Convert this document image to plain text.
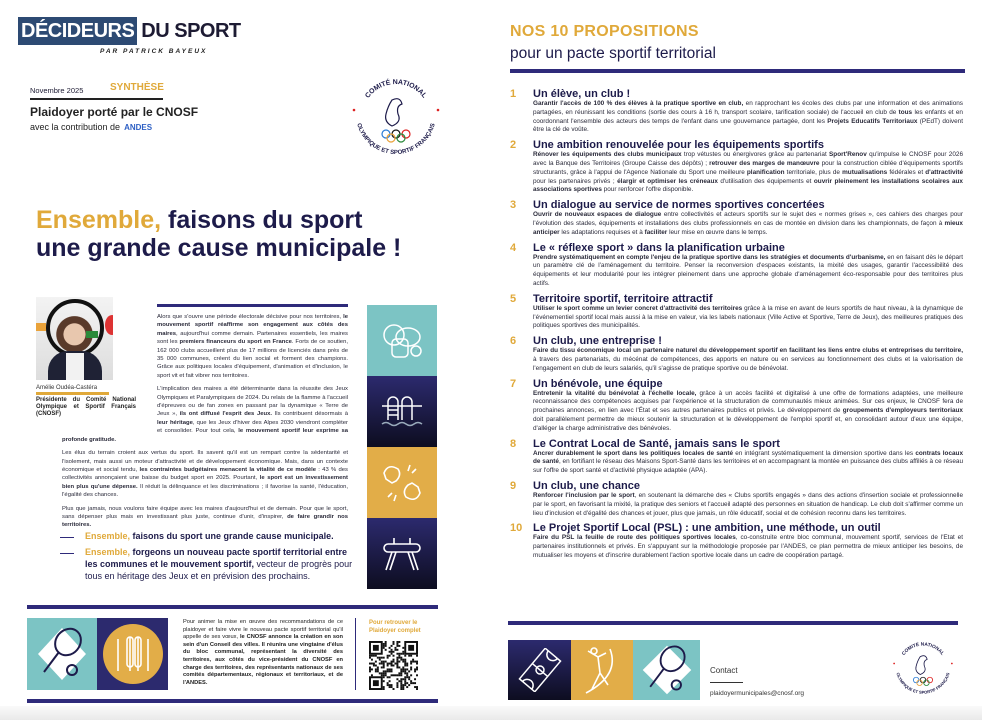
DÉCIDEURS DU SPORT
PAR PATRICK BAYEUX
Novembre 2025	SYNTHÈSE
Plaidoyer porté par le CNOSF
avec la contribution de ANDES
COMITÉ NATIONAL
OLYMPIQUE ET SPORTIF FRANÇAIS
Ensemble, faisons du sport
une grande cause municipale !
Amélie Oudéa-Castéra
Présidente du Comité National Olympique et Sportif Français (CNOSF)

Alors que s'ouvre une période électorale décisive pour nos territoires, le mouvement sportif réaffirme son engagement aux côtés des maires, aujourd'hui comme demain. Partenaires essentiels, les maires sont les premiers financeurs du sport en France. Forts de ce soutien, 162 000 clubs accueillent plus de 17 millions de licenciés dans près de 35 000 communes, créent du lien social et forment des champions. Grâce aux politiques locales d'équipement, d'animation et d'inclusion, le sport vit et fait vibrer nos territoires.

L'implication des maires a été déterminante dans la réussite des Jeux Olympiques et Paralympiques de 2024. Du relais de la flamme à l'accueil d'épreuves ou de fan zones en passant par la dynamique « Terre de Jeux », ils ont diffusé l'esprit des Jeux. Ils contribuent désormais à leur héritage, que les Jeux d'hiver des Alpes 2030 viendront compléter et consolider. Pour tout cela, le mouvement sportif leur exprime sa profonde gratitude.

Les élus du terrain croient aux vertus du sport. Ils savent qu'il est un rempart contre la sédentarité et l'isolement, mais aussi un moteur d'attractivité et de développement économique. Mais, dans un contexte économique et social tendu, les contraintes budgétaires menacent la vitalité de ce modèle : 43 % des collectivités annonçaient une baisse du budget sport en 2025. Pourtant, le sport est un investissement bien plus qu'une dépense. Il réduit la délinquance et les discriminations ; il favorise la santé, l'éducation, l'égalité des chances.

Plus que jamais, nous voulons faire équipe avec les maires d'aujourd'hui et de demain. Pour que le sport, sans dépenser plus mais en investissant plus juste, continue d'unir, d'inspirer, de faire grandir nos territoires.

Ensemble, faisons du sport une grande cause municipale.
Ensemble, forgeons un nouveau pacte sportif territorial entre les communes et le mouvement sportif, vecteur de progrès pour tous en héritage des Jeux et en prévision des prochains.
Pour animer la mise en œuvre des recommandations de ce plaidoyer et faire vivre le nouveau pacte sportif territorial qu'il appelle de ses vœux, le CNOSF annonce la création en son sein d'un Conseil des villes. Il réunira une vingtaine d'élus du bloc communal, représentant la diversité des territoires, aux côtés du vice-président du CNOSF en charge des territoires, des représentants nationaux de ses comités départementaux, régionaux et territoriaux, et de l'ANDES.
Pour retrouver le Plaidoyer complet
NOS 10 PROPOSITIONS
pour un pacte sportif territorial
1	Un élève, un club !
Garantir l'accès de 100 % des élèves à la pratique sportive en club, en rapprochant les écoles des clubs par une information et des animations partagées, en réunissant les conditions (sortie des cours à 16 h, transport scolaire, tarification sociale) de l'accueil en club de tous les enfants et en coordonnant l'ensemble des acteurs des temps de l'enfant dans une gouvernance partagée, dont les Projets Educatifs Territoriaux (PEdT) doivent être la clé de voûte.
2	Une ambition renouvelée pour les équipements sportifs
Rénover les équipements des clubs municipaux trop vétustes ou énergivores grâce au partenariat Sport'Renov qu'impulse le CNOSF pour 2026 avec la Banque des Territoires (Groupe Caisse des dépôts) ; retrouver des marges de manœuvre pour la construction ciblée d'équipements sportifs structurants, grâce à l'appui de l'Agence Nationale du Sport une meilleure planification territoriale, plus de mutualisations fédérales et d'attractivité pour les partenaires privés ; élargir et optimiser les créneaux d'utilisation des équipements et ouvrir pleinement les installations scolaires aux associations sportives pour renforcer l'offre disponible.
3	Un dialogue au service de normes sportives concertées
Ouvrir de nouveaux espaces de dialogue entre collectivités et acteurs sportifs sur le sujet des « normes grises », ces cahiers des charges pour l'évolution des stades, équipements et installations des clubs professionnels en cas de montée en division dans les championnats, de façon à mieux anticiper les adaptations requises et à faciliter leur mise en œuvre dans le temps.
4	Le « réflexe sport » dans la planification urbaine
Prendre systématiquement en compte l'enjeu de la pratique sportive dans les stratégies et documents d'urbanisme, en en faisant dès le départ un paramètre clé de l'aménagement du territoire. Penser la reconversion d'espaces existants, la mixité des usages, garantir l'accessibilité des équipements et leur modularité pour les intégrer pleinement dans une approche globale d'aménagement éco-responsable pour des territoires plus actifs.
5	Territoire sportif, territoire attractif
Utiliser le sport comme un levier concret d'attractivité des territoires grâce à la mise en avant de leurs sportifs de haut niveau, à la dynamique de l'événementiel sportif local mais aussi à la mise en valeur, via les labels nationaux (Ville Active et Sportive, Terre de Jeux), des meilleures pratiques des politiques sportives des municipalités.
6	Un club, une entreprise !
Faire du tissu économique local un partenaire naturel du développement sportif en facilitant les liens entre clubs et entreprises du territoire, à travers des partenariats, du mécénat de compétences, des apports en nature ou en services au fonctionnement des clubs et la valorisation de l'engagement en club de leurs salariés, qu'il s'agisse de pratique sportive ou de bénévolat.
7	Un bénévole, une équipe
Entretenir la vitalité du bénévolat à l'échelle locale, grâce à un accès facilité et digitalisé à une offre de formations adaptées, une meilleure reconnaissance des compétences acquises par l'expérience et la structuration de communautés mieux animées. Sur ces enjeux, le CNOSF fera de prochaines annonces, en lien avec l'État et ses autres partenaires publics et privés. Le développement de groupements d'employeurs territoriaux doit parallèlement permettre de mieux soutenir la structuration et le développement de l'emploi sportif et, en consolidant autour d'eux une équipe, d'alléger la charge administrative des bénévoles.
8	Le Contrat Local de Santé, jamais sans le sport
Ancrer durablement le sport dans les politiques locales de santé en intégrant systématiquement la dimension sportive dans les contrats locaux de santé, en fortifiant le réseau des Maisons Sport-Santé dans les territoires et en accompagnant la montée en puissance des clubs affiliés à ce réseau sur l'offre de sport santé et d'activité physique adaptée (APA).
9	Un club, une chance
Renforcer l'inclusion par le sport, en soutenant la démarche des « Clubs sportifs engagés » dans des actions d'insertion sociale et professionnelle par le sport, en favorisant la mixité, la pratique des seniors et l'accueil adapté des personnes en situation de handicap. Le club doit s'affirmer comme un lieu d'inclusion et d'égalité des chances et jouer, plus que jamais, un rôle éducatif, social et de cohésion reconnu dans les territoires.
10 Le Projet Sportif Local (PSL) : une ambition, une méthode, un outil
Faire du PSL la feuille de route des politiques sportives locales, co-construite entre bloc communal, mouvement sportif, services de l'Etat et partenaires institutionnels et privés. En s'appuyant sur la méthodologie proposée par l'ANDES, ce plan permettra de mieux anticiper les besoins, de mutualiser les moyens et d'inscrire durablement l'action sportive locale dans un cadre de coopération partagé.
Contact
plaidoyermunicipales@cnosf.org
COMITÉ NATIONAL
OLYMPIQUE ET SPORTIF FRANÇAIS
